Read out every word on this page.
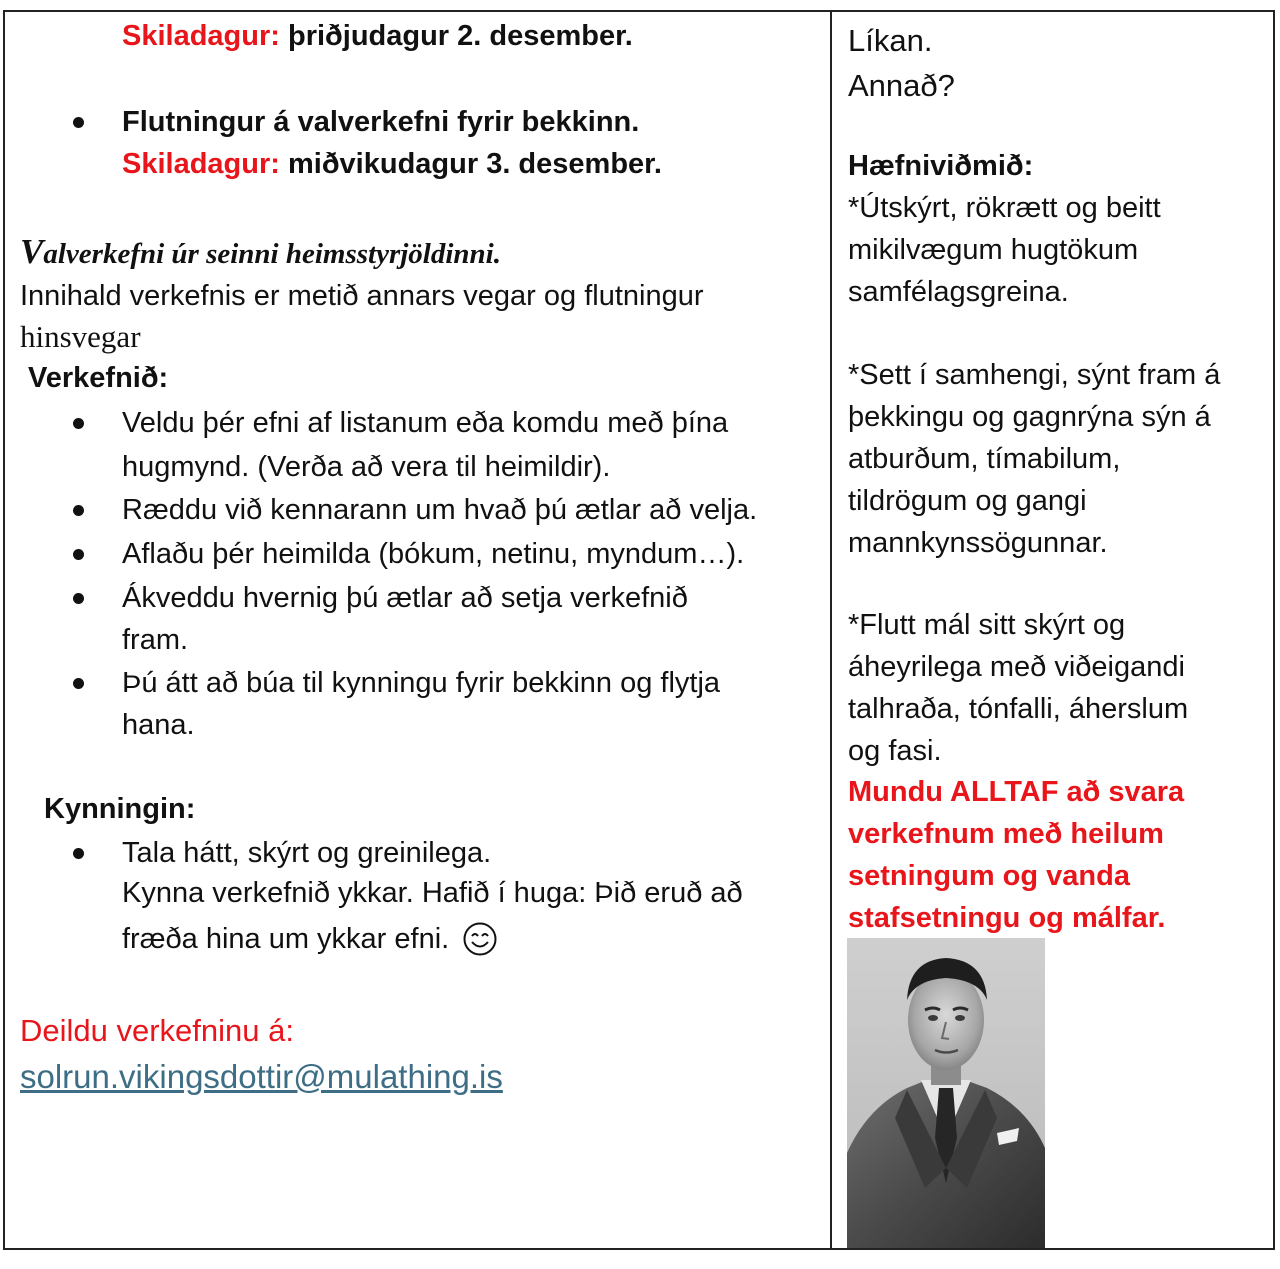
Skiladagur: þriðjudagur 2. desember.
Flutningur á valverkefni fyrir bekkinn.
Skiladagur: miðvikudagur 3. desember.
Valverkefni úr seinni heimsstyrjöldinni.
Innihald verkefnis er metið annars vegar og flutningur
hinsvegar
Verkefnið:
Veldu þér efni af listanum eða komdu með þína
hugmynd. (Verða að vera til heimildir).
Ræddu við kennarann um hvað þú ætlar að velja.
Aflaðu þér heimilda (bókum, netinu, myndum…).
Ákveddu hvernig þú ætlar að setja verkefnið
fram.
Þú átt að búa til kynningu fyrir bekkinn og flytja
hana.
Kynningin:
Tala hátt, skýrt og greinilega.
Kynna verkefnið ykkar. Hafið í huga: Þið eruð að
fræða hina um ykkar efni.
Deildu verkefninu á:
solrun.vikingsdottir@mulathing.is
Líkan.
Annað?
Hæfniviðmið:
*Útskýrt, rökrætt og beitt
mikilvægum hugtökum
samfélagsgreina.
*Sett í samhengi, sýnt fram á
þekkingu og gagnrýna sýn á
atburðum, tímabilum,
tildrögum og gangi
mannkynssögunnar.
*Flutt mál sitt skýrt og
áheyrilega með viðeigandi
talhraða, tónfalli, áherslum
og fasi.
Mundu ALLTAF að svara
verkefnum með heilum
setningum og vanda
stafsetningu og málfar.
